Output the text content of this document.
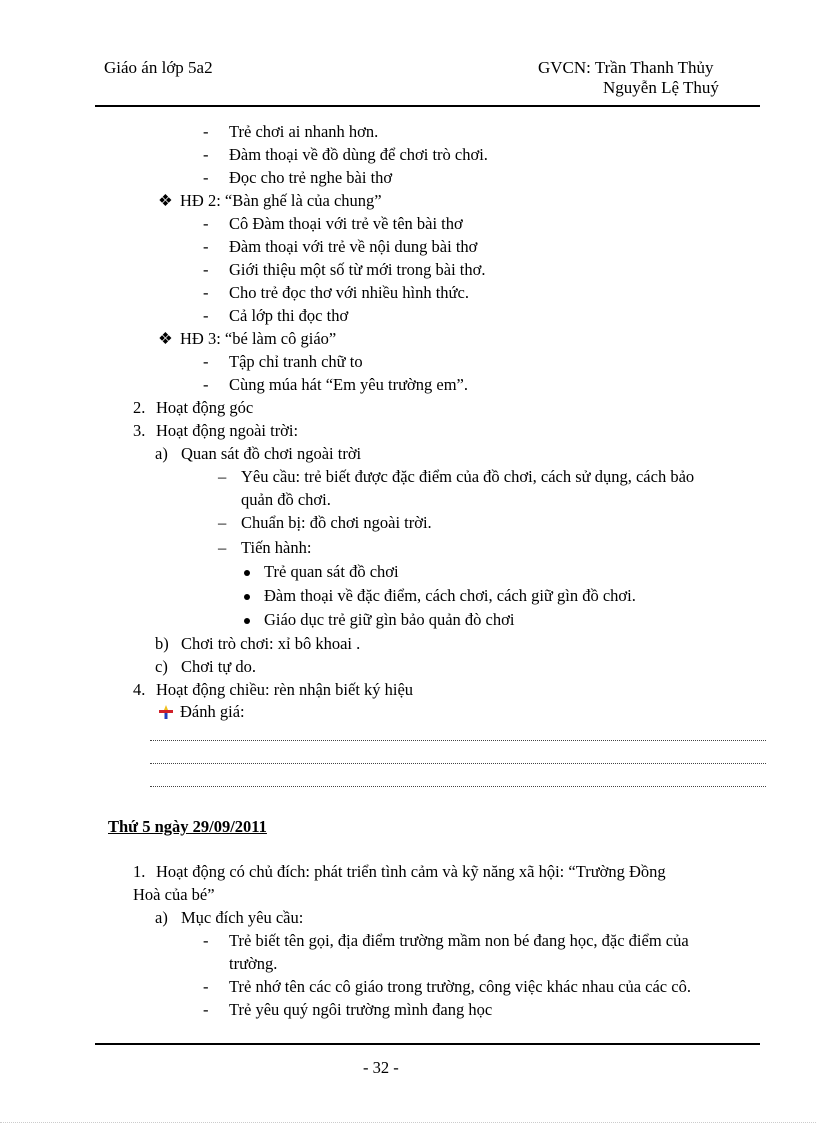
Giáo án lớp 5a2	GVCN: Trần Thanh Thủy
Nguyễn Lệ Thuý
- Trẻ chơi ai nhanh hơn.
- Đàm thoại về đồ dùng để chơi trò chơi.
- Đọc cho trẻ nghe bài thơ
❖ HĐ 2: “Bàn ghế là của chung”
- Cô Đàm thoại với trẻ về tên bài thơ
- Đàm thoại với trẻ về nội dung bài thơ
- Giới thiệu một số từ mới trong bài thơ.
- Cho trẻ đọc thơ với nhiều hình thức.
- Cả lớp thi đọc thơ
❖ HĐ 3: “bé làm cô giáo”
- Tập chỉ tranh chữ to
- Cùng múa hát “Em yêu trường em”.
2. Hoạt động góc
3. Hoạt động ngoài trời:
a) Quan sát đồ chơi ngoài trời
– Yêu cầu: trẻ biết được đặc điểm của đồ chơi, cách sử dụng, cách bảo
quản đồ chơi.
– Chuẩn bị: đồ chơi ngoài trời.
– Tiến hành:
Trẻ quan sát đồ chơi
Đàm thoại về đặc điểm, cách chơi, cách giữ gìn đồ chơi.
Giáo dục trẻ giữ gìn bảo quản đò chơi
b) Chơi trò chơi: xỉ bô khoai .
c) Chơi tự do.
4. Hoạt động chiều: rèn nhận biết ký hiệu
Đánh giá:
Thứ 5 ngày 29/09/2011
1. Hoạt động có chủ đích: phát triển tình cảm và kỹ năng xã hội: “Trường Đồng
Hoà của bé”
a) Mục đích yêu cầu:
- Trẻ biết tên gọi, địa điểm trường mầm non bé đang học, đặc điểm của
trường.
- Trẻ nhớ tên các cô giáo trong trường, công việc khác nhau của các cô.
- Trẻ yêu quý ngôi trường mình đang học
- 32 -
